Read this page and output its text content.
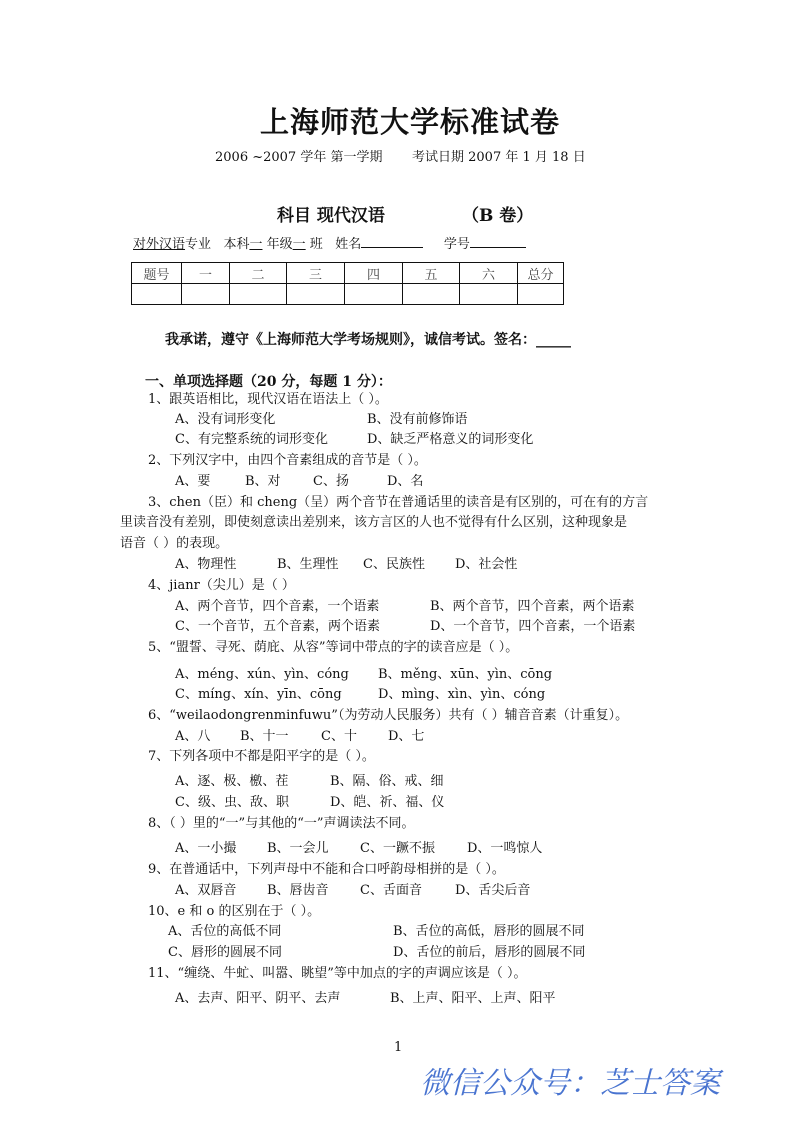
上海师范大学标准试卷
2006 ~2007 学年 第一学期 考试日期 2007 年 1 月 18 日
科目 现代汉语	（B 卷）
对外汉语专业 本科一 年级一 班 姓名	学号
题号	一	二	三	四	五	六	总分

我承诺，遵守《上海师范大学考场规则》，诚信考试。签名：_____
一、单项选择题（20 分，每题 1 分）：
1、跟英语相比，现代汉语在语法上（ ）。
A、没有词形变化	B、没有前修饰语
C、有完整系统的词形变化	D、缺乏严格意义的词形变化
2、下列汉字中，由四个音素组成的音节是（ ）。
A、要	B、对 C、扬	D、名
3、chen（臣）和 cheng（呈）两个音节在普通话里的读音是有区别的，可在有的方言
里读音没有差别，即使刻意读出差别来，该方言区的人也不觉得有什么区别，这种现象是
语音（ ）的表现。
A、物理性	B、生理性 C、民族性 D、社会性
4、jianr（尖儿）是（ ）
A、两个音节，四个音素，一个语素	B、两个音节，四个音素，两个语素
C、一个音节，五个音素，两个语素	D、一个音节，四个音素，一个语素
5、“盟誓、寻死、荫庇、从容”等词中带点的字的读音应是（ ）。
A、méng、xún、yìn、cóng B、měng、xūn、yìn、cōng
C、míng、xín、yīn、cōng	D、mìng、xìn、yìn、cóng
6、“weilaodongrenminfuwu”（为劳动人民服务）共有（ ）辅音音素（计重复）。
A、八 B、十一 C、十 D、七
7、下列各项中不都是阳平字的是（ ）。
A、逐、极、檄、茬	B、隔、俗、戒、细
C、级、虫、敌、职	D、皑、祈、福、仪
8、（ ）里的“一”与其他的“一”声调读法不同。
A、一小撮 B、一会儿 C、一蹶不振 D、一鸣惊人
9、在普通话中，下列声母中不能和合口呼韵母相拼的是（ ）。
A、双唇音 B、唇齿音 C、舌面音	D、舌尖后音
10、e 和 o 的区别在于（ ）。
A、舌位的高低不同	B、舌位的高低，唇形的圆展不同
C、唇形的圆展不同	D、舌位的前后，唇形的圆展不同
11、“缠绕、牛虻、叫嚣、眺望”等中加点的字的声调应该是（ ）。
A、去声、阳平、阴平、去声	B、上声、阳平、上声、阳平
1
微信公众号：芝士答案
